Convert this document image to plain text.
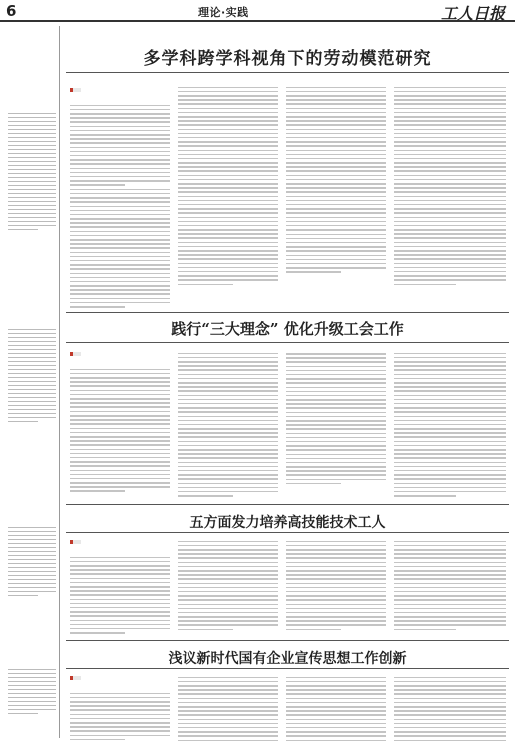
6	理论·实践	工人日报
多学科跨学科视角下的劳动模范研究
践行“三大理念” 优化升级工会工作
五方面发力培养高技能技术工人
浅议新时代国有企业宣传思想工作创新
